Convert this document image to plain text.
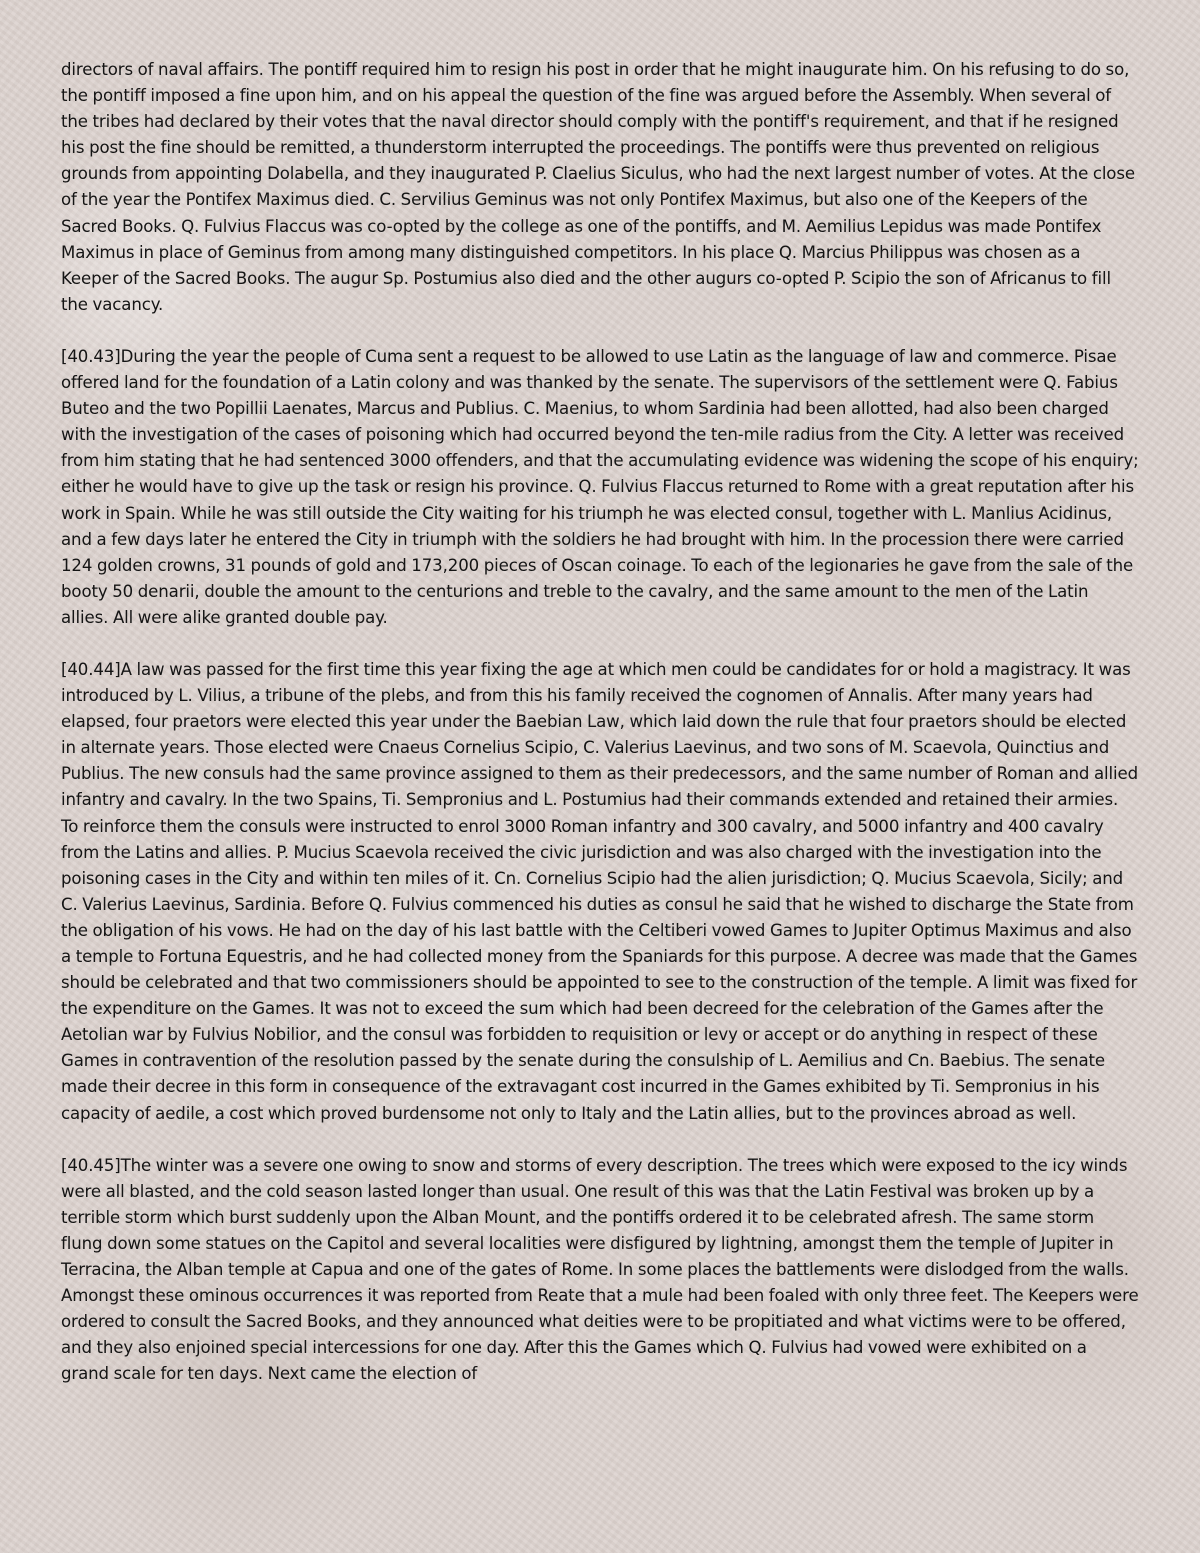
directors of naval affairs. The pontiff required him to resign his post in order that he might inaugurate him. On his refusing to do so, the pontiff imposed a fine upon him, and on his appeal the question of the fine was argued before the Assembly. When several of the tribes had declared by their votes that the naval director should comply with the pontiff's requirement, and that if he resigned his post the fine should be remitted, a thunderstorm interrupted the proceedings. The pontiffs were thus prevented on religious grounds from appointing Dolabella, and they inaugurated P. Claelius Siculus, who had the next largest number of votes. At the close of the year the Pontifex Maximus died. C. Servilius Geminus was not only Pontifex Maximus, but also one of the Keepers of the Sacred Books. Q. Fulvius Flaccus was co-opted by the college as one of the pontiffs, and M. Aemilius Lepidus was made Pontifex Maximus in place of Geminus from among many distinguished competitors. In his place Q. Marcius Philippus was chosen as a Keeper of the Sacred Books. The augur Sp. Postumius also died and the other augurs co-opted P. Scipio the son of Africanus to fill the vacancy.

[40.43]During the year the people of Cuma sent a request to be allowed to use Latin as the language of law and commerce. Pisae offered land for the foundation of a Latin colony and was thanked by the senate. The supervisors of the settlement were Q. Fabius Buteo and the two Popillii Laenates, Marcus and Publius. C. Maenius, to whom Sardinia had been allotted, had also been charged with the investigation of the cases of poisoning which had occurred beyond the ten-mile radius from the City. A letter was received from him stating that he had sentenced 3000 offenders, and that the accumulating evidence was widening the scope of his enquiry; either he would have to give up the task or resign his province. Q. Fulvius Flaccus returned to Rome with a great reputation after his work in Spain. While he was still outside the City waiting for his triumph he was elected consul, together with L. Manlius Acidinus, and a few days later he entered the City in triumph with the soldiers he had brought with him. In the procession there were carried 124 golden crowns, 31 pounds of gold and 173,200 pieces of Oscan coinage. To each of the legionaries he gave from the sale of the booty 50 denarii, double the amount to the centurions and treble to the cavalry, and the same amount to the men of the Latin allies. All were alike granted double pay.

[40.44]A law was passed for the first time this year fixing the age at which men could be candidates for or hold a magistracy. It was introduced by L. Vilius, a tribune of the plebs, and from this his family received the cognomen of Annalis. After many years had elapsed, four praetors were elected this year under the Baebian Law, which laid down the rule that four praetors should be elected in alternate years. Those elected were Cnaeus Cornelius Scipio, C. Valerius Laevinus, and two sons of M. Scaevola, Quinctius and Publius. The new consuls had the same province assigned to them as their predecessors, and the same number of Roman and allied infantry and cavalry. In the two Spains, Ti. Sempronius and L. Postumius had their commands extended and retained their armies. To reinforce them the consuls were instructed to enrol 3000 Roman infantry and 300 cavalry, and 5000 infantry and 400 cavalry from the Latins and allies. P. Mucius Scaevola received the civic jurisdiction and was also charged with the investigation into the poisoning cases in the City and within ten miles of it. Cn. Cornelius Scipio had the alien jurisdiction; Q. Mucius Scaevola, Sicily; and C. Valerius Laevinus, Sardinia. Before Q. Fulvius commenced his duties as consul he said that he wished to discharge the State from the obligation of his vows. He had on the day of his last battle with the Celtiberi vowed Games to Jupiter Optimus Maximus and also a temple to Fortuna Equestris, and he had collected money from the Spaniards for this purpose. A decree was made that the Games should be celebrated and that two commissioners should be appointed to see to the construction of the temple. A limit was fixed for the expenditure on the Games. It was not to exceed the sum which had been decreed for the celebration of the Games after the Aetolian war by Fulvius Nobilior, and the consul was forbidden to requisition or levy or accept or do anything in respect of these Games in contravention of the resolution passed by the senate during the consulship of L. Aemilius and Cn. Baebius. The senate made their decree in this form in consequence of the extravagant cost incurred in the Games exhibited by Ti. Sempronius in his capacity of aedile, a cost which proved burdensome not only to Italy and the Latin allies, but to the provinces abroad as well.

[40.45]The winter was a severe one owing to snow and storms of every description. The trees which were exposed to the icy winds were all blasted, and the cold season lasted longer than usual. One result of this was that the Latin Festival was broken up by a terrible storm which burst suddenly upon the Alban Mount, and the pontiffs ordered it to be celebrated afresh. The same storm flung down some statues on the Capitol and several localities were disfigured by lightning, amongst them the temple of Jupiter in Terracina, the Alban temple at Capua and one of the gates of Rome. In some places the battlements were dislodged from the walls. Amongst these ominous occurrences it was reported from Reate that a mule had been foaled with only three feet. The Keepers were ordered to consult the Sacred Books, and they announced what deities were to be propitiated and what victims were to be offered, and they also enjoined special intercessions for one day. After this the Games which Q. Fulvius had vowed were exhibited on a grand scale for ten days. Next came the election of
